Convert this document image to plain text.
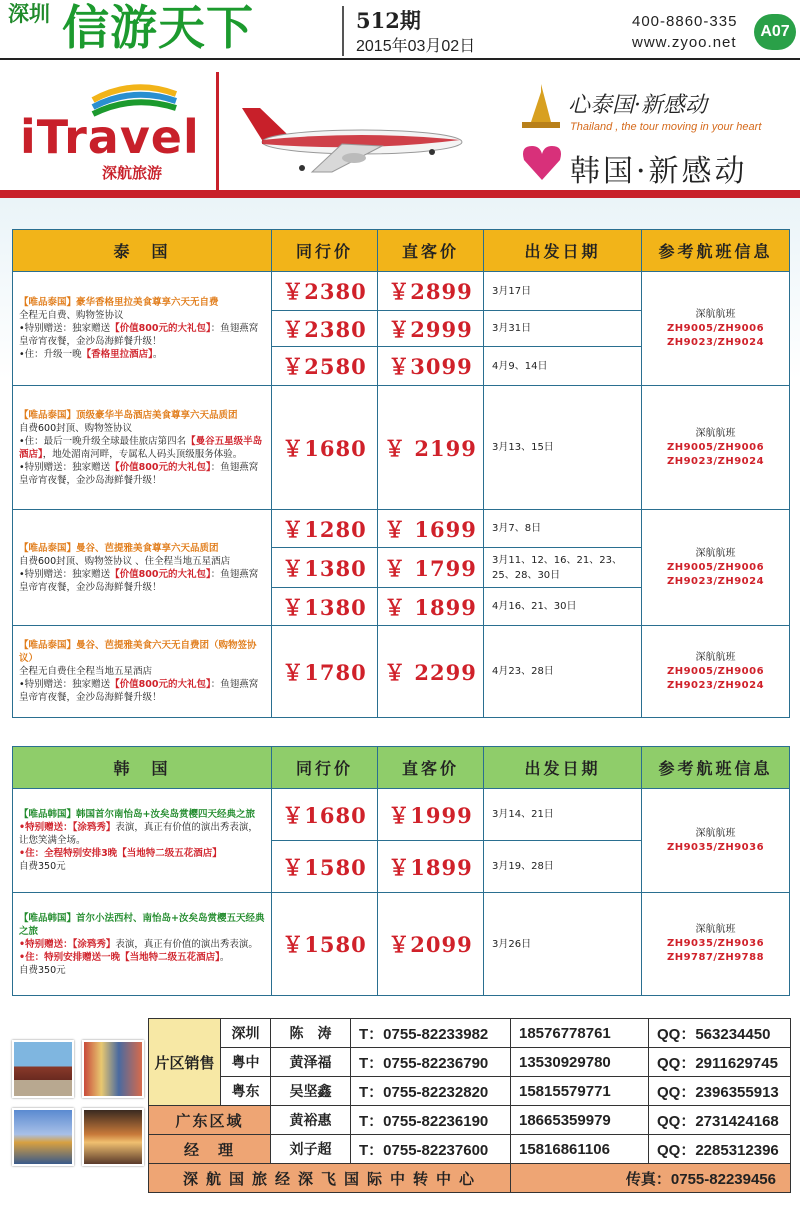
深圳 信游天下	512期
2015年03月02日
400-8860-335
www.zyoo.net
A07
iTravel
深航旅游
心泰国·新感动
Thailand , the tour moving in your heart
韩国·新感动
泰　国	同行价	直客价	出发日期	参考航班信息
【唯品泰国】豪华香格里拉美食尊享六天无自费
全程无自费、购物签协议
•特别赠送：独家赠送【价值800元的大礼包】：鱼翅燕窝皇帝宵夜餐，金沙岛海鲜餐升级！
•住：升级一晚【香格里拉酒店】。	￥2380	￥2899	3月17日	深航航班
ZH9005/ZH9006
ZH9023/ZH9024
	￥2380	￥2999	3月31日	
	￥2580	￥3099	4月9、14日	
【唯品泰国】顶级豪华半岛酒店美食尊享六天品质团
自费600封顶、购物签协议
•住：最后一晚升级全球最佳旅店第四名【曼谷五星级半岛酒店】，地处湄南河畔，专属私人码头顶级服务体验。
•特别赠送：独家赠送【价值800元的大礼包】：鱼翅燕窝皇帝宵夜餐，金沙岛海鲜餐升级！	￥1680	￥ 2199	3月13、15日	深航航班
ZH9005/ZH9006
ZH9023/ZH9024
【唯品泰国】曼谷、芭提雅美食尊享六天品质团
自费600封顶、购物签协议 、住全程当地五星酒店
•特别赠送：独家赠送【价值800元的大礼包】：鱼翅燕窝皇帝宵夜餐，金沙岛海鲜餐升级！	￥1280	￥ 1699	3月7、8日	深航航班
ZH9005/ZH9006
ZH9023/ZH9024
	￥1380	￥ 1799	3月11、12、16、21、23、25、28、30日	
	￥1380	￥ 1899	4月16、21、30日	
【唯品泰国】曼谷、芭提雅美食六天无自费团（购物签协议）
全程无自费住全程当地五星酒店
•特别赠送：独家赠送【价值800元的大礼包】：鱼翅燕窝皇帝宵夜餐，金沙岛海鲜餐升级！	￥1780	￥ 2299	4月23、28日	深航航班
ZH9005/ZH9006
ZH9023/ZH9024
韩　国	同行价	直客价	出发日期	参考航班信息
【唯品韩国】韩国首尔南怡岛+汝矣岛赏樱四天经典之旅
•特别赠送：【涂鸦秀】表演，真正有价值的演出秀表演，让您笑满全场。
•住：全程特别安排3晚【当地特二级五花酒店】
自费350元	￥1680	￥1999	3月14、21日	深航航班
ZH9035/ZH9036
	￥1580	￥1899	3月19、28日	
【唯品韩国】首尔小法西村、南怡岛+汝矣岛赏樱五天经典之旅
•特别赠送：【涂鸦秀】表演，真正有价值的演出秀表演。
•住：特别安排赠送一晚【当地特二级五花酒店】。
自费350元	￥1580	￥2099	3月26日	深航航班
ZH9035/ZH9036
ZH9787/ZH9788
片区销售	深圳	陈　涛	T：0755-82233982	18576778761	QQ：563234450
	粤中	黄泽福	T：0755-82236790	13530929780	QQ：2911629745
	粤东	吴坚鑫	T：0755-82232820	15815579771	QQ：2396355913
广东区域		黄裕惠	T：0755-82236190	18665359979	QQ：2731424168
经　理		刘子超	T：0755-82237600	15816861106	QQ：2285312396
深航国旅经深飞国际中转中心				传真：0755-82239456	
